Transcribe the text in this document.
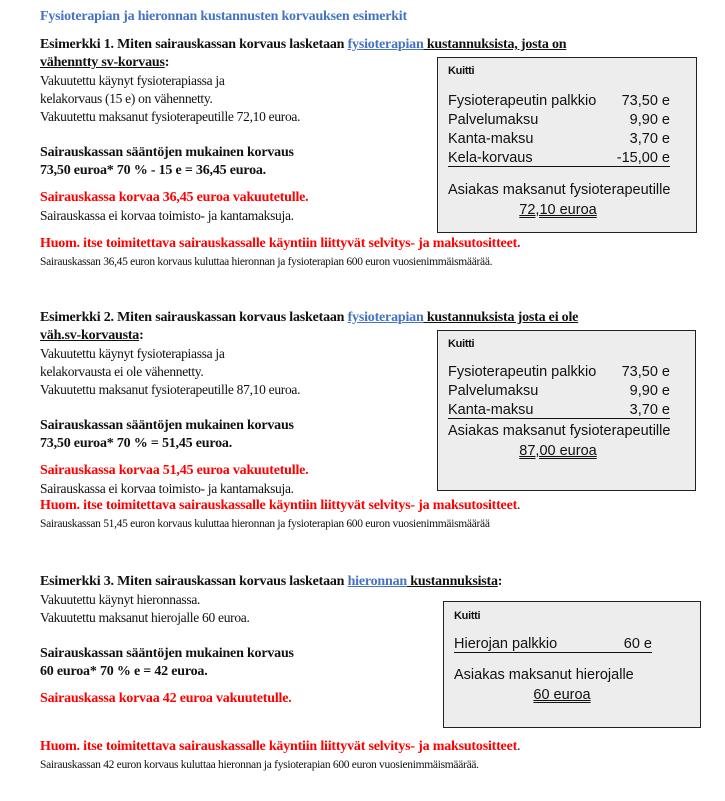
Fysioterapian ja hieronnan kustannusten korvauksen esimerkit
Esimerkki 1. Miten sairauskassan korvaus lasketaan fysioterapian kustannuksista, josta on
vähenntty sv-korvaus:
Vakuutettu käynyt fysioterapiassa ja
kelakorvaus (15 e) on vähennetty.
Vakuutettu maksanut fysioterapeutille 72,10 euroa.
Sairauskassan sääntöjen mukainen korvaus
73,50 euroa* 70 % - 15 e = 36,45 euroa.
Sairauskassa korvaa 36,45 euroa vakuutetulle.
Sairauskassa ei korvaa toimisto- ja kantamaksuja.
Huom. itse toimitettava sairauskassalle käyntiin liittyvät selvitys- ja maksutositteet.
Sairauskassan 36,45 euron korvaus kuluttaa hieronnan ja fysioterapian 600 euron vuosienimmäismäärää.
Kuitti
Fysioterapeutin palkkio 73,50 e
Palvelumaksu	9,90 e
Kanta-maksu	3,70 e
Kela-korvaus	-15,00 e
Asiakas maksanut fysioterapeutille
72,10 euroa
Esimerkki 2. Miten sairauskassan korvaus lasketaan fysioterapian kustannuksista josta ei ole
väh.sv-korvausta:
Vakuutettu käynyt fysioterapiassa ja
kelakorvausta ei ole vähennetty.
Vakuutettu maksanut fysioterapeutille 87,10 euroa.
Sairauskassan sääntöjen mukainen korvaus
73,50 euroa* 70 % = 51,45 euroa.
Sairauskassa korvaa 51,45 euroa vakuutetulle.
Sairauskassa ei korvaa toimisto- ja kantamaksuja.
Huom. itse toimitettava sairauskassalle käyntiin liittyvät selvitys- ja maksutositteet.
Sairauskassan 51,45 euron korvaus kuluttaa hieronnan ja fysioterapian 600 euron vuosienimmäismäärää
Kuitti
Fysioterapeutin palkkio 73,50 e
Palvelumaksu	9,90 e
Kanta-maksu	3,70 e
Asiakas maksanut fysioterapeutille
87,00 euroa
Esimerkki 3. Miten sairauskassan korvaus lasketaan hieronnan kustannuksista:
Vakuutettu käynyt hieronnassa.
Vakuutettu maksanut hierojalle 60 euroa.
Sairauskassan sääntöjen mukainen korvaus
60 euroa* 70 % e = 42 euroa.
Sairauskassa korvaa 42 euroa vakuutetulle.
Huom. itse toimitettava sairauskassalle käyntiin liittyvät selvitys- ja maksutositteet.
Sairauskassan 42 euron korvaus kuluttaa hieronnan ja fysioterapian 600 euron vuosienimmäismäärää.
Kuitti
Hierojan palkkio	60 e
Asiakas maksanut hierojalle
60 euroa
